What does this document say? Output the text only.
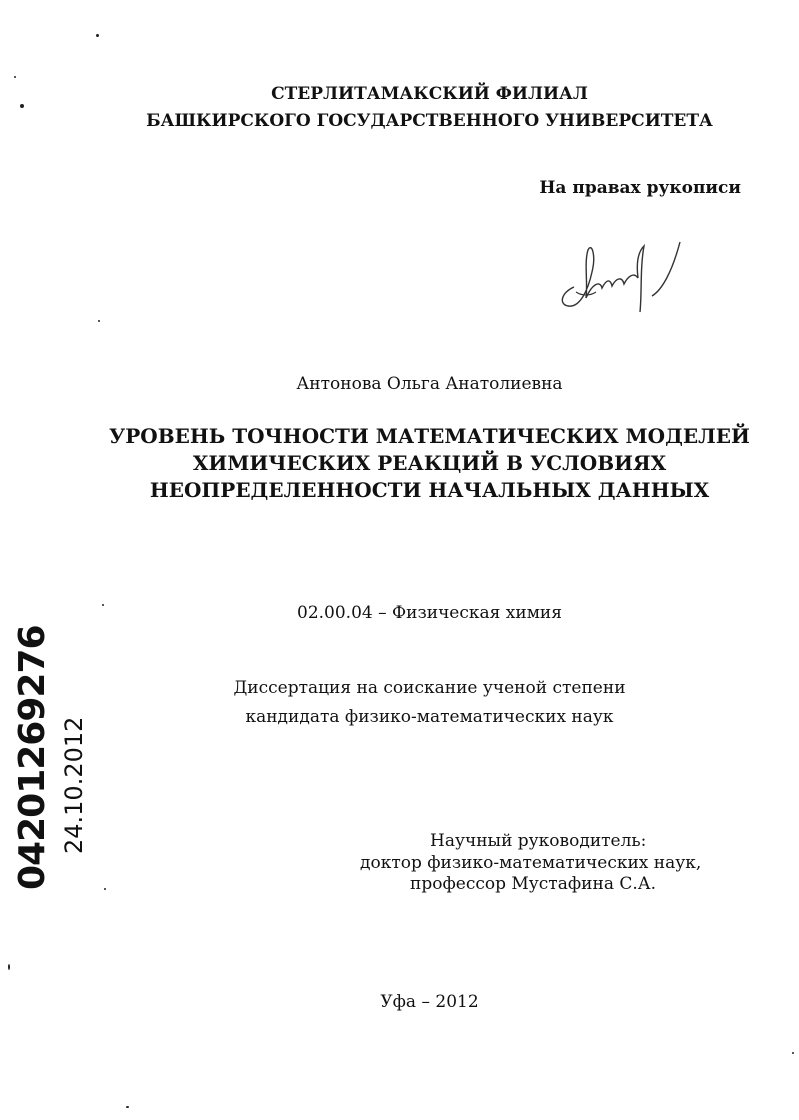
СТЕРЛИТАМАКСКИЙ ФИЛИАЛ
БАШКИРСКОГО ГОСУДАРСТВЕННОГО УНИВЕРСИТЕТА
На правах рукописи
Антонова Ольга Анатолиевна
УРОВЕНЬ ТОЧНОСТИ МАТЕМАТИЧЕСКИХ МОДЕЛЕЙ
ХИМИЧЕСКИХ РЕАКЦИЙ В УСЛОВИЯХ
НЕОПРЕДЕЛЕННОСТИ НАЧАЛЬНЫХ ДАННЫХ
02.00.04 – Физическая химия
Диссертация на соискание ученой степени
кандидата физико-математических наук
Научный руководитель:
доктор физико-математических наук,
профессор Мустафина С.А.
Уфа – 2012
04201269276 24.10.2012
